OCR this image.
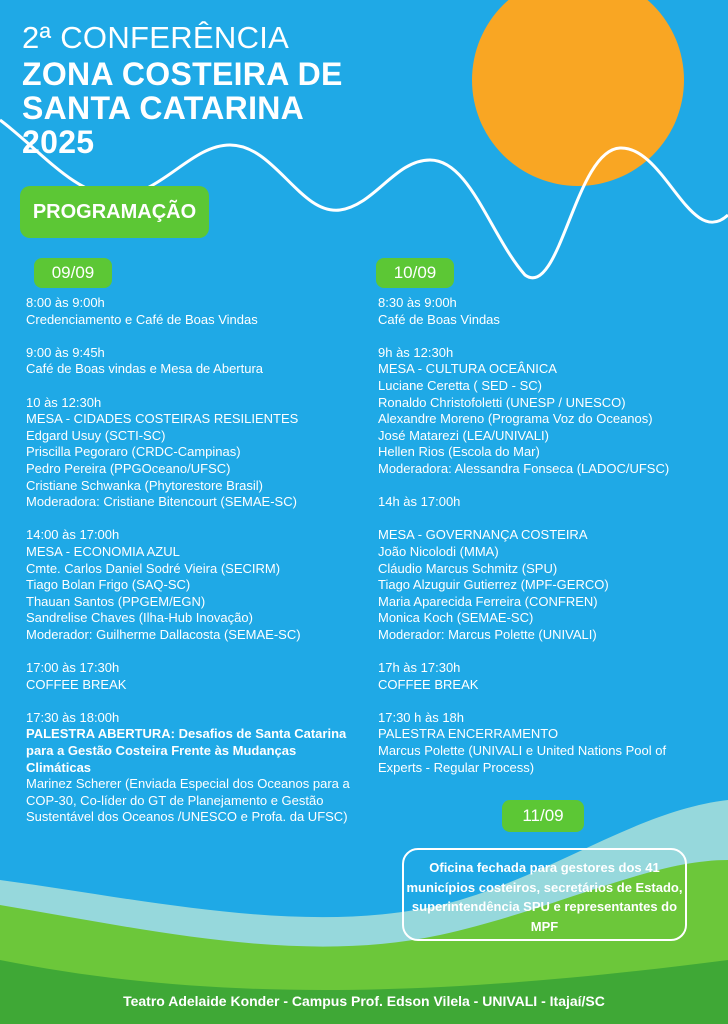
2ª CONFERÊNCIA
ZONA COSTEIRA DE
SANTA CATARINA
2025
PROGRAMAÇÃO
09/09	10/09
8:00 às 9:00h
Credenciamento e Café de Boas Vindas
9:00 às 9:45h
Café de Boas vindas e Mesa de Abertura
10 às 12:30h
MESA - CIDADES COSTEIRAS RESILIENTES
Edgard Usuy (SCTI-SC)
Priscilla Pegoraro (CRDC-Campinas)
Pedro Pereira (PPGOceano/UFSC)
Cristiane Schwanka (Phytorestore Brasil)
Moderadora: Cristiane Bitencourt (SEMAE-SC)
14:00 às 17:00h
MESA - ECONOMIA AZUL
Cmte. Carlos Daniel Sodré Vieira (SECIRM)
Tiago Bolan Frigo (SAQ-SC)
Thauan Santos (PPGEM/EGN)
Sandrelise Chaves (Ilha-Hub Inovação)
Moderador: Guilherme Dallacosta (SEMAE-SC)
17:00 às 17:30h
COFFEE BREAK
17:30 às 18:00h
PALESTRA ABERTURA: Desafios de Santa Catarina para a Gestão Costeira Frente às Mudanças Climáticas
Marinez Scherer (Enviada Especial dos Oceanos para a COP-30, Co-líder do GT de Planejamento e Gestão Sustentável dos Oceanos /UNESCO e Profa. da UFSC)
8:30 às 9:00h
Café de Boas Vindas
9h às 12:30h
MESA - CULTURA OCEÂNICA
Luciane Ceretta ( SED - SC)
Ronaldo Christofoletti (UNESP / UNESCO)
Alexandre Moreno (Programa Voz do Oceanos)
José Matarezi (LEA/UNIVALI)
Hellen Rios (Escola do Mar)
Moderadora: Alessandra Fonseca (LADOC/UFSC)
14h às 17:00h
MESA - GOVERNANÇA COSTEIRA
João Nicolodi (MMA)
Cláudio Marcus Schmitz (SPU)
Tiago Alzuguir Gutierrez (MPF-GERCO)
Maria Aparecida Ferreira (CONFREN)
Monica Koch (SEMAE-SC)
Moderador: Marcus Polette (UNIVALI)
17h às 17:30h
COFFEE BREAK
17:30 h às 18h
PALESTRA ENCERRAMENTO
Marcus Polette (UNIVALI e United Nations Pool of
Experts - Regular Process)
11/09
Oficina fechada para gestores dos 41 municípios costeiros, secretários de Estado, superintendência SPU e representantes do MPF
Teatro Adelaide Konder - Campus Prof. Edson Vilela - UNIVALI - Itajaí/SC
